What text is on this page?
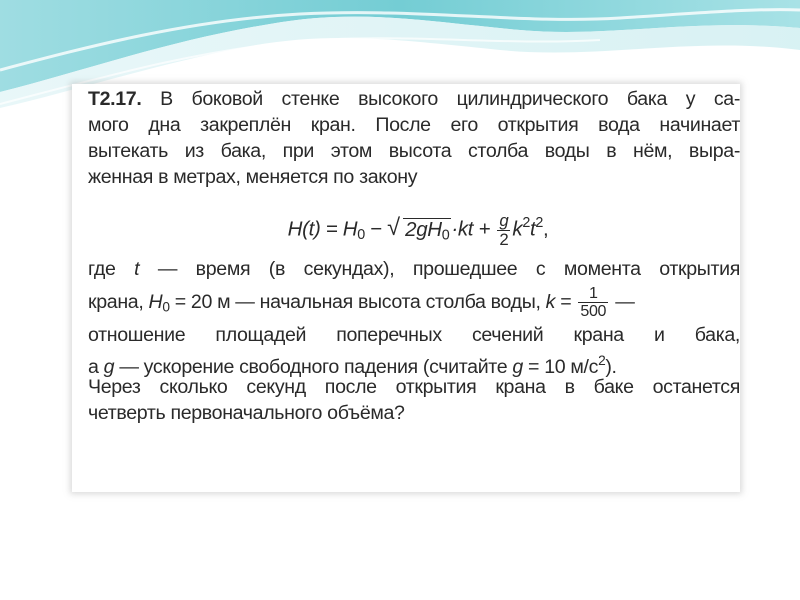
Т2.17. В боковой стенке высокого цилиндрического бака у са-
мого дна закреплён кран. После его открытия вода начинает
вытекать из бака, при этом высота столба воды в нём, выра-
женная в метрах, меняется по закону
$H(t) = H_0$ − √ $2gH_0\cdot kt + \frac{g}{2} k^2t^2$,
где t — время (в секундах), прошедшее с момента открытия
крана, $H_0 = 20$ м — начальная высота столба воды, $k = \frac{1}{500}$ —
отношение площадей поперечных сечений крана и бака,
а g — ускорение свободного падения (считайте g = 10 $м/с^2$).
Через сколько секунд после открытия крана в баке останется
четверть первоначального объёма?
